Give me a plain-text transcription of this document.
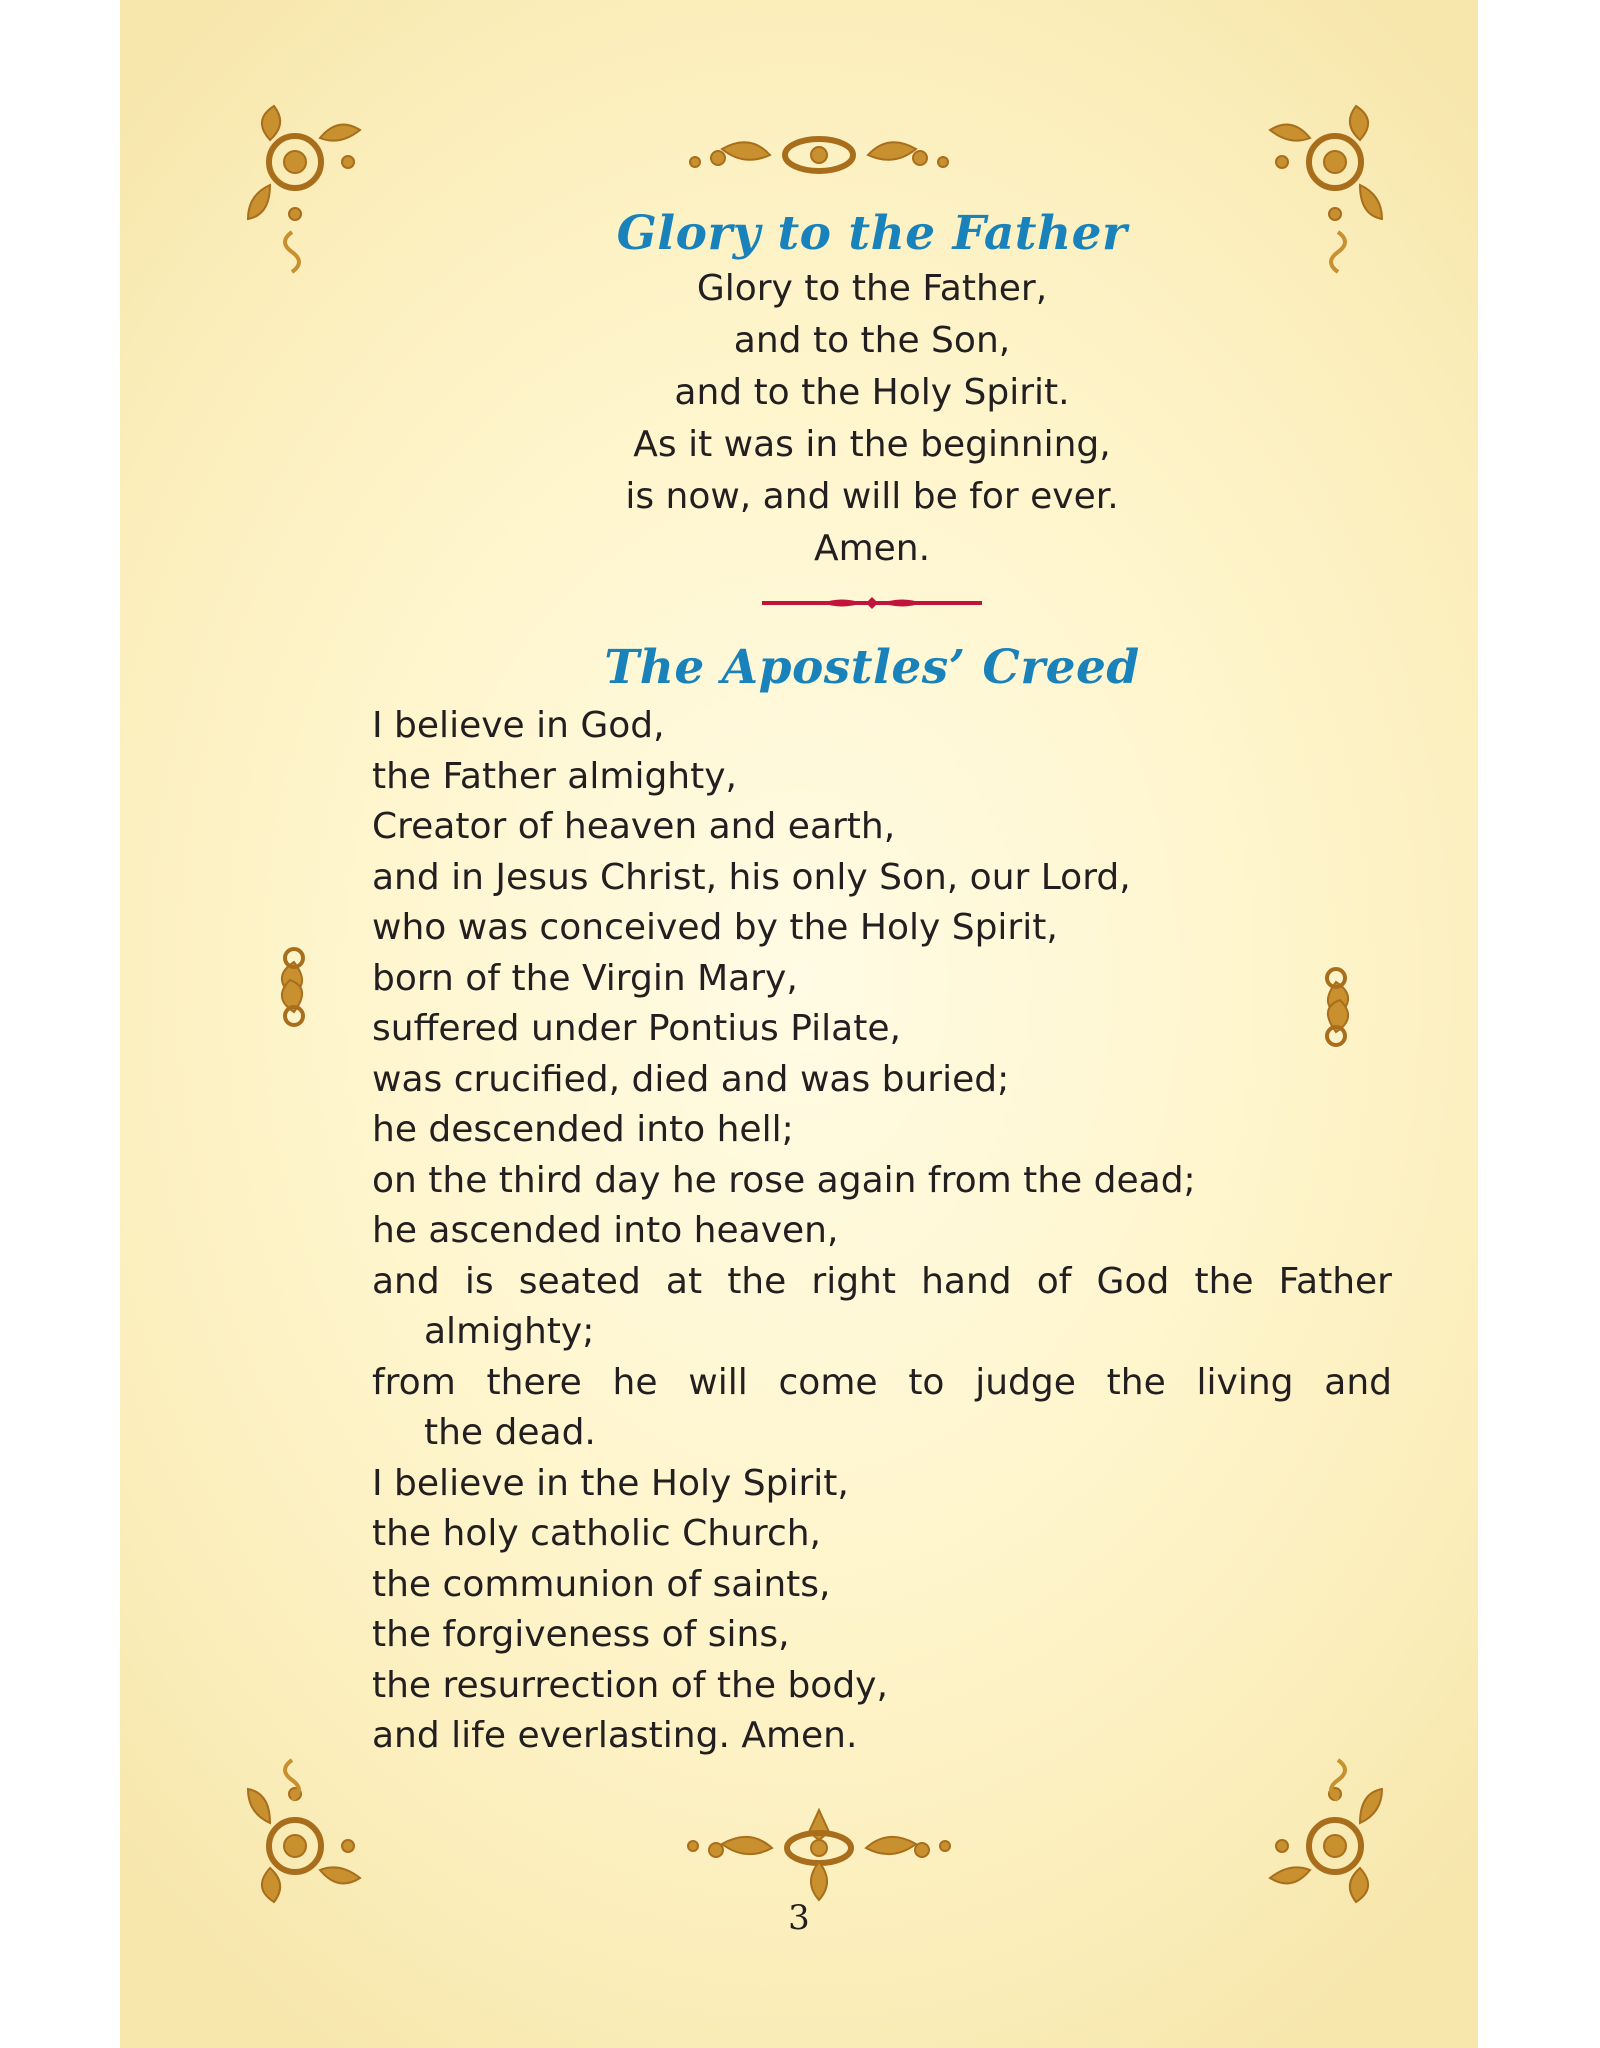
Glory to the Father
Glory to the Father,
and to the Son,
and to the Holy Spirit.
As it was in the beginning,
is now, and will be for ever.
Amen.
The Apostles’ Creed
I believe in God,
the Father almighty,
Creator of heaven and earth,
and in Jesus Christ, his only Son, our Lord,
who was conceived by the Holy Spirit,
born of the Virgin Mary,
suffered under Pontius Pilate,
was crucified, died and was buried;
he descended into hell;
on the third day he rose again from the dead;
he ascended into heaven,
and is seated at the right hand of God the Father
almighty;
from there he will come to judge the living and
the dead.
I believe in the Holy Spirit,
the holy catholic Church,
the communion of saints,
the forgiveness of sins,
the resurrection of the body,
and life everlasting. Amen.
3
